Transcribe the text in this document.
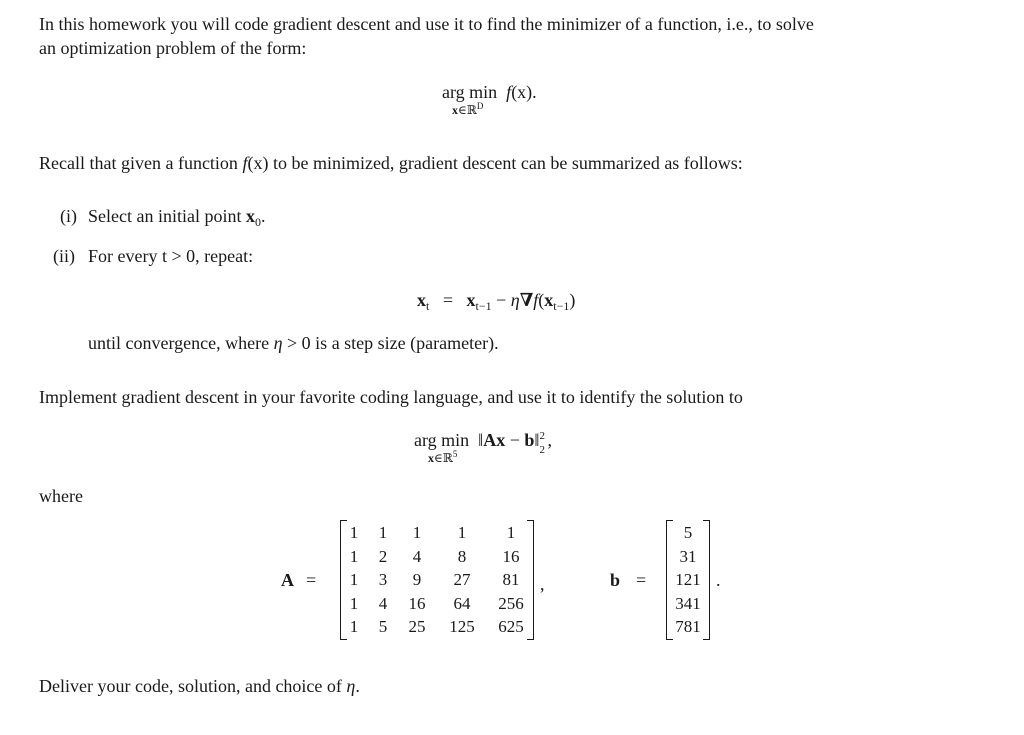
In this homework you will code gradient descent and use it to find the minimizer of a function, i.e., to solve
an optimization problem of the form:
arg min f(x).
x∈ℝ$^D$
Recall that given a function f(x) to be minimized, gradient descent can be summarized as follows:
(i) Select an initial point $x_0$.
(ii) For every t > 0, repeat:
$x_t = x_{t-1} - \eta\nabla f(x_{t-1})$
until convergence, where η > 0 is a step size (parameter).
Implement gradient descent in your favorite coding language, and use it to identify the solution to
arg min ‖Ax − b‖ 2
2 ,
x∈ℝ$^5$
where
A =
1	1	1	1	1
1	2	4	8	16
1	3	9	27	81
1	4	16	64	256
1	5	25	125	625
,	b =
5
31
121
341
781
.
Deliver your code, solution, and choice of η.
